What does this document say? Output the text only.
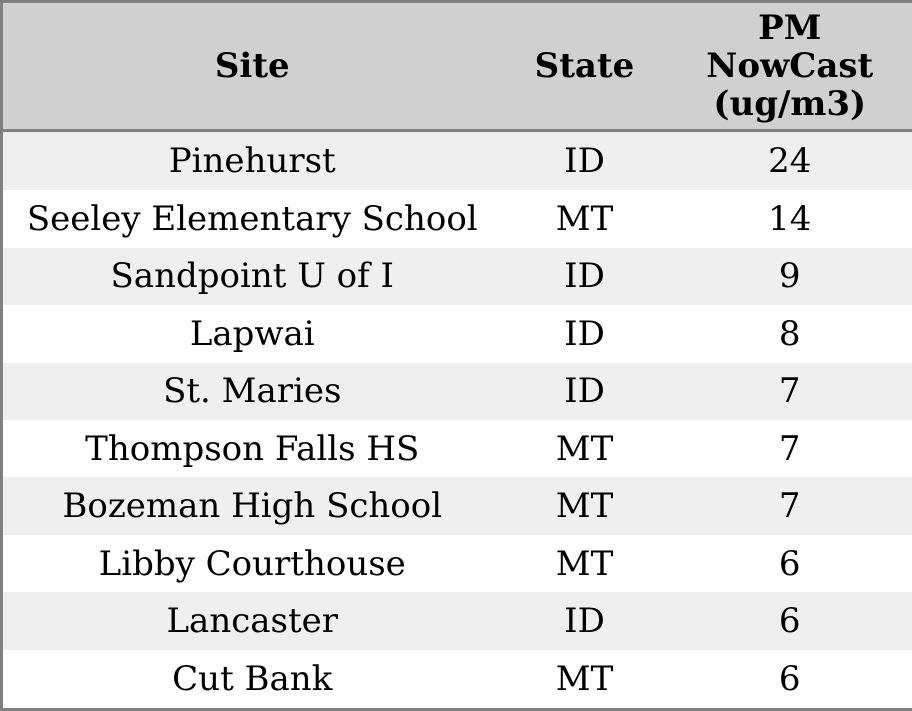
Site	State	PM NowCast (ug/m3)
Pinehurst	ID	24
Seeley Elementary School	MT	14
Sandpoint U of I	ID	9
Lapwai	ID	8
St. Maries	ID	7
Thompson Falls HS	MT	7
Bozeman High School	MT	7
Libby Courthouse	MT	6
Lancaster	ID	6
Cut Bank	MT	6
